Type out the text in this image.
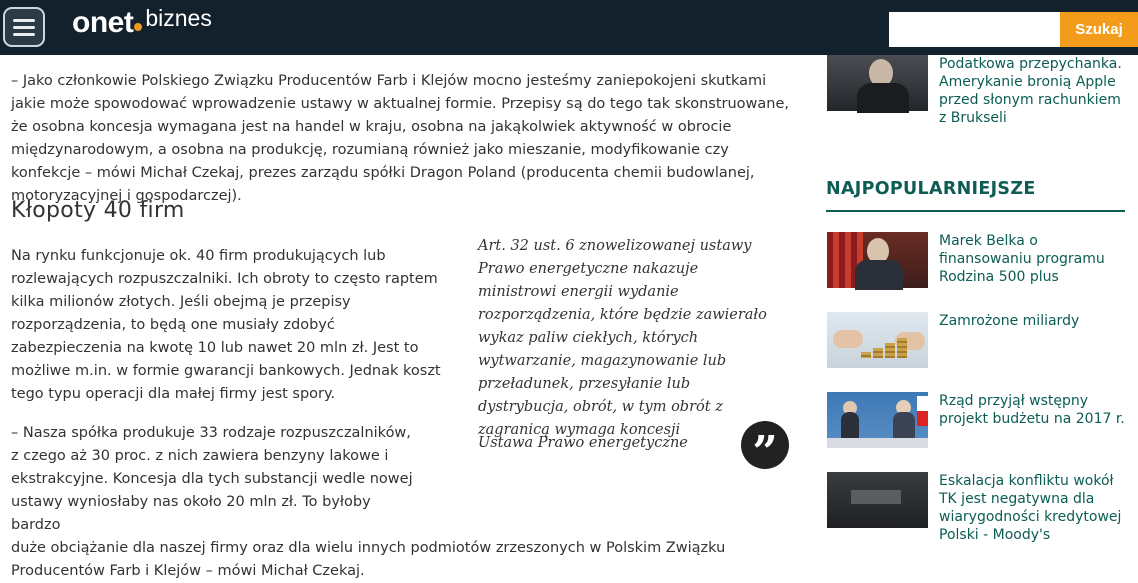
onet biznes	Szukaj

– Jako członkowie Polskiego Związku Producentów Farb i Klejów mocno jesteśmy zaniepokojeni skutkami jakie może spowodować wprowadzenie ustawy w aktualnej formie. Przepisy są do tego tak skonstruowane, że osobna koncesja wymagana jest na handel w kraju, osobna na jakąkolwiek aktywność w obrocie międzynarodowym, a osobna na produkcję, rozumianą również jako mieszanie, modyfikowanie czy konfekcje – mówi Michał Czekaj, prezes zarządu spółki Dragon Poland (producenta chemii budowlanej, motoryzacyjnej i gospodarczej).

Kłopoty 40 firm

Na rynku funkcjonuje ok. 40 firm produkujących lub rozlewających rozpuszczalniki. Ich obroty to często raptem kilka milionów złotych. Jeśli obejmą je przepisy rozporządzenia, to będą one musiały zdobyć zabezpieczenia na kwotę 10 lub nawet 20 mln zł. Jest to możliwe m.in. w formie gwarancji bankowych. Jednak koszt tego typu operacji dla małej firmy jest spory.

– Nasza spółka produkuje 33 rodzaje rozpuszczalników, z czego aż 30 proc. z nich zawiera benzyny lakowe i ekstrakcyjne. Koncesja dla tych substancji wedle nowej ustawy wyniosłaby nas około 20 mln zł. To byłoby bardzo
duże obciążanie dla naszej firmy oraz dla wielu innych podmiotów zrzeszonych w Polskim Związku Producentów Farb i Klejów – mówi Michał Czekaj.

Art. 32 ust. 6 znowelizowanej ustawy Prawo energetyczne nakazuje ministrowi energii wydanie rozporządzenia, które będzie zawierało wykaz paliw ciekłych, których wytwarzanie, magazynowanie lub przeładunek, przesyłanie lub dystrybucja, obrót, w tym obrót z zagranicą wymaga koncesji
Ustawa Prawo energetyczne ”
Podatkowa przepychanka. Amerykanie bronią Apple przed słonym rachunkiem z Brukseli
NAJPOPULARNIEJSZE
Marek Belka o finansowaniu programu Rodzina 500 plus
Zamrożone miliardy
Rząd przyjął wstępny projekt budżetu na 2017 r.
Eskalacja konfliktu wokół TK jest negatywna dla wiarygodności kredytowej Polski - Moody's
